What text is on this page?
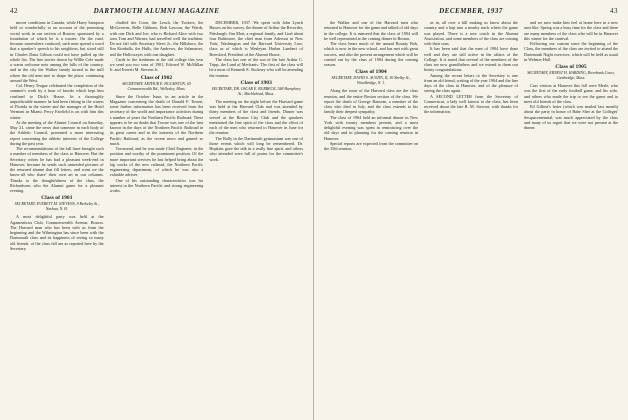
42	DARTMOUTH ALUMNI MAGAZINE

mover conditions in Canada, while Harry Sampson held so wonderfully to an account of the promising social work in our section of Boston, sponsored by a foundation of which he is a trustee. On the road, because somewhere confused, such men spread a word that a speaker's speech to his neighbors, but stood still in Charles Dana Gibson could not have pulled up the whole list. The fine stories drawn by Willie Cole made a warm welcome note among the hills of the country, and in the city the Walker family turned to the mill where the old men met to shape the place, continuing around the West.

Cal. Henry Teague celebrated the completion of the summer's work by a hour of brooks which kept him confined to Dick's House. In a thoroughly unpredictable manner he had been fishing in the waters of Florida in the winter and the manager of the Hotel Vermont in Miami. Percy Fairfield is on with him this winter.

At the meeting of the Alumni Council on Saturday, May 21, came the news that someone in each body of the Athletic Council, presented a more interesting report concerning the athletic interests of the College during the past year.

The recommendations of the fall have brought such a number of members of the class to Hanover. But the Secretary writes he has had a pleasant week-end in Hanover, because he sends such unneeded pictures of the returned alumni that fill letters, and wont we the know-all who share' their own art in our columns. Thanks to the thoughtfulness of the class, the Richardsons who the Alumni game for a pleasant evening.

Class of 1901
SECRETARY, EVERETT M. STEVENS, 9 Berkeley St., Nashua, N. H.

A most delightful party was held at the Agamenticus Club, Commonwealth Avenue, Boston. The Harvard man who has been with us from the beginning and the Wilmington has since been with the Dartmouth class and its happiness of seeing so many old friends, of the class fall are as reported here by the Secretary.

chuffed the Coon, the Leach, the Tuckers, the McGoverns, Belle Gibbons, Bob Lawson, the Wards, with one Dick and Joe, who is Richard Alice with two sons Tom and Warner, had travelled well the tradition. Do not fail with Secretary Steve Jr., the Hillsboro, the Jim Kimballs, the Hulls, the Andrews, the Salmonses, and the Hollowayes with one daughter.

Cards to the freshmen at the old college this year we send you two sons of 1901, Edward W. McMillan Jr. and Everett M. Stevens Jr.

Class of 1902
SECRETARY, ARTHUR E. HUGHSTON, 65 Commonwealth Rd., Wellesley, Mass.

Since the October Issue, in an article in the Magazine concerning the death of Donald F. Towne, some further information has been received from the secretary of the world and importance activities during a number of years the Northern Pacific Railroad. There appears to be no doubt that Towne was one of the best known in the days of the Northern Pacific Railroad in its great career and in the interests of the Northern Pacific Railroad, as the recent news and gained so much.

Townsend, and he was made Chief Engineer, in the position and worthy of the prominent position. Of the more important services he has helped bring about the big works of the new railroad, the Northern Pacific engineering department, of which he was also a valuable adviser.

One of his outstanding characteristics was his interest in the Northern Pacific and strong engineering works.

DECEMBER, 1937. We spent with John Lynch Hawes on his survey, the dinner of Arthur the Recorder, Pittsburgh: Jim Mott, a regional family, and Lind about four Baltimore, the chief man from Aderson in New York, Washington and the Harvard University Law; class as of which is Wesleyan Harlan Lambert of Beresford, President of the Alumni House.

The class has one of the son of the late Arthur C. Tripp, the Lund of Mechanic. The first of the class will be a most of Kenneth E. Stickney who will be attending the reunion.

Class of 1903
SECRETARY, DR. OSCAR E. BURBECK, 548 Humphrey St., Marblehead, Mass.

The meeting on the night before the Harvard game was held at the Harvard Club and was attended by thirty members of the class and friends. Dinner was served at the Boston City Club and the speakers mentioned the fine spirit of the class and the effort of each of the men who returned to Hanover in June for the reunion.

The Rally in the Dartmouth gymnasium was one of those events which will long be remembered. Dr. Hopkins gave the talk in a really fine spirit, and others who attended were full of praise for the committee's work.

DECEMBER, 1937	43

the Walker and one of the Harvard men who returned to Hanover for the game and talked of old days in the college. It is rumored that the class of 1904 will be well represented at the coming dinner in Boston.

The class hears much of the annual Bounty Bob, which is now in the new school, and has met with great success, and also the present arrangement which will be carried out by the class of 1904 during the coming season.

Class of 1904
SECRETARY, DAVID S. AUSTIN, II, 30 Shelby St., Woodbridge, N. J.

Along the route of the Harvard class are the class reunion, and the entire Boston section of the class. We report the death of George Ransom, a member of the class who died in July, and the class extends to his family their deepest sympathy.

The class of 1904 held an informal dinner in New York with twenty members present, and a most delightful evening was spent in reminiscing over the old days and in planning for the coming reunion in Hanover.

Special reports are expected from the committee on the 35th reunion.

as in, all over a hill making us know about the country and a hop into a nearby track where the game was played. There is a new coach in the Alumni Association, and some members of the class are coming with their sons.

It has been said that the men of 1904 have done well and they are still active in the affairs of the College. It is noted that several of the members of the class are now grandfathers and we extend to them our hearty congratulations.

Among the recent letters to the Secretary is one from an old friend, writing of the year 1904 and the fine days of the class in Hanover, and of the pleasure of seeing the class again.

A SECOND LETTER from the Secretary of Connecticut, a lady well known to the class, has been received about the late R. M. Stewart, with thanks for the information.

and we now make him feel at home here in a new area like. Spring was a busy time for the class and there are many members of the class who will be in Hanover this winter for the carnival.

Following our custom since the beginning of the Class, the members of the class are invited to attend the Dartmouth Night exercises, which will be held as usual in Webster Hall.

Class of 1905
SECRETARY, ERNEST H. HARDING, Riverbank Court, Cambridge, Mass.

Cass visitors at Hanover this fall were Merle, who was the first of the early football game, and his wife, and others who made the trip to see the game and to meet old friends of the class.

Ed Gilbert's letter (which was mailed last month) about the party in honor of Babe Sher at the Colleges' Sesquicentennial, was much appreciated by the class and many of us regret that we were not present at the dinner.
